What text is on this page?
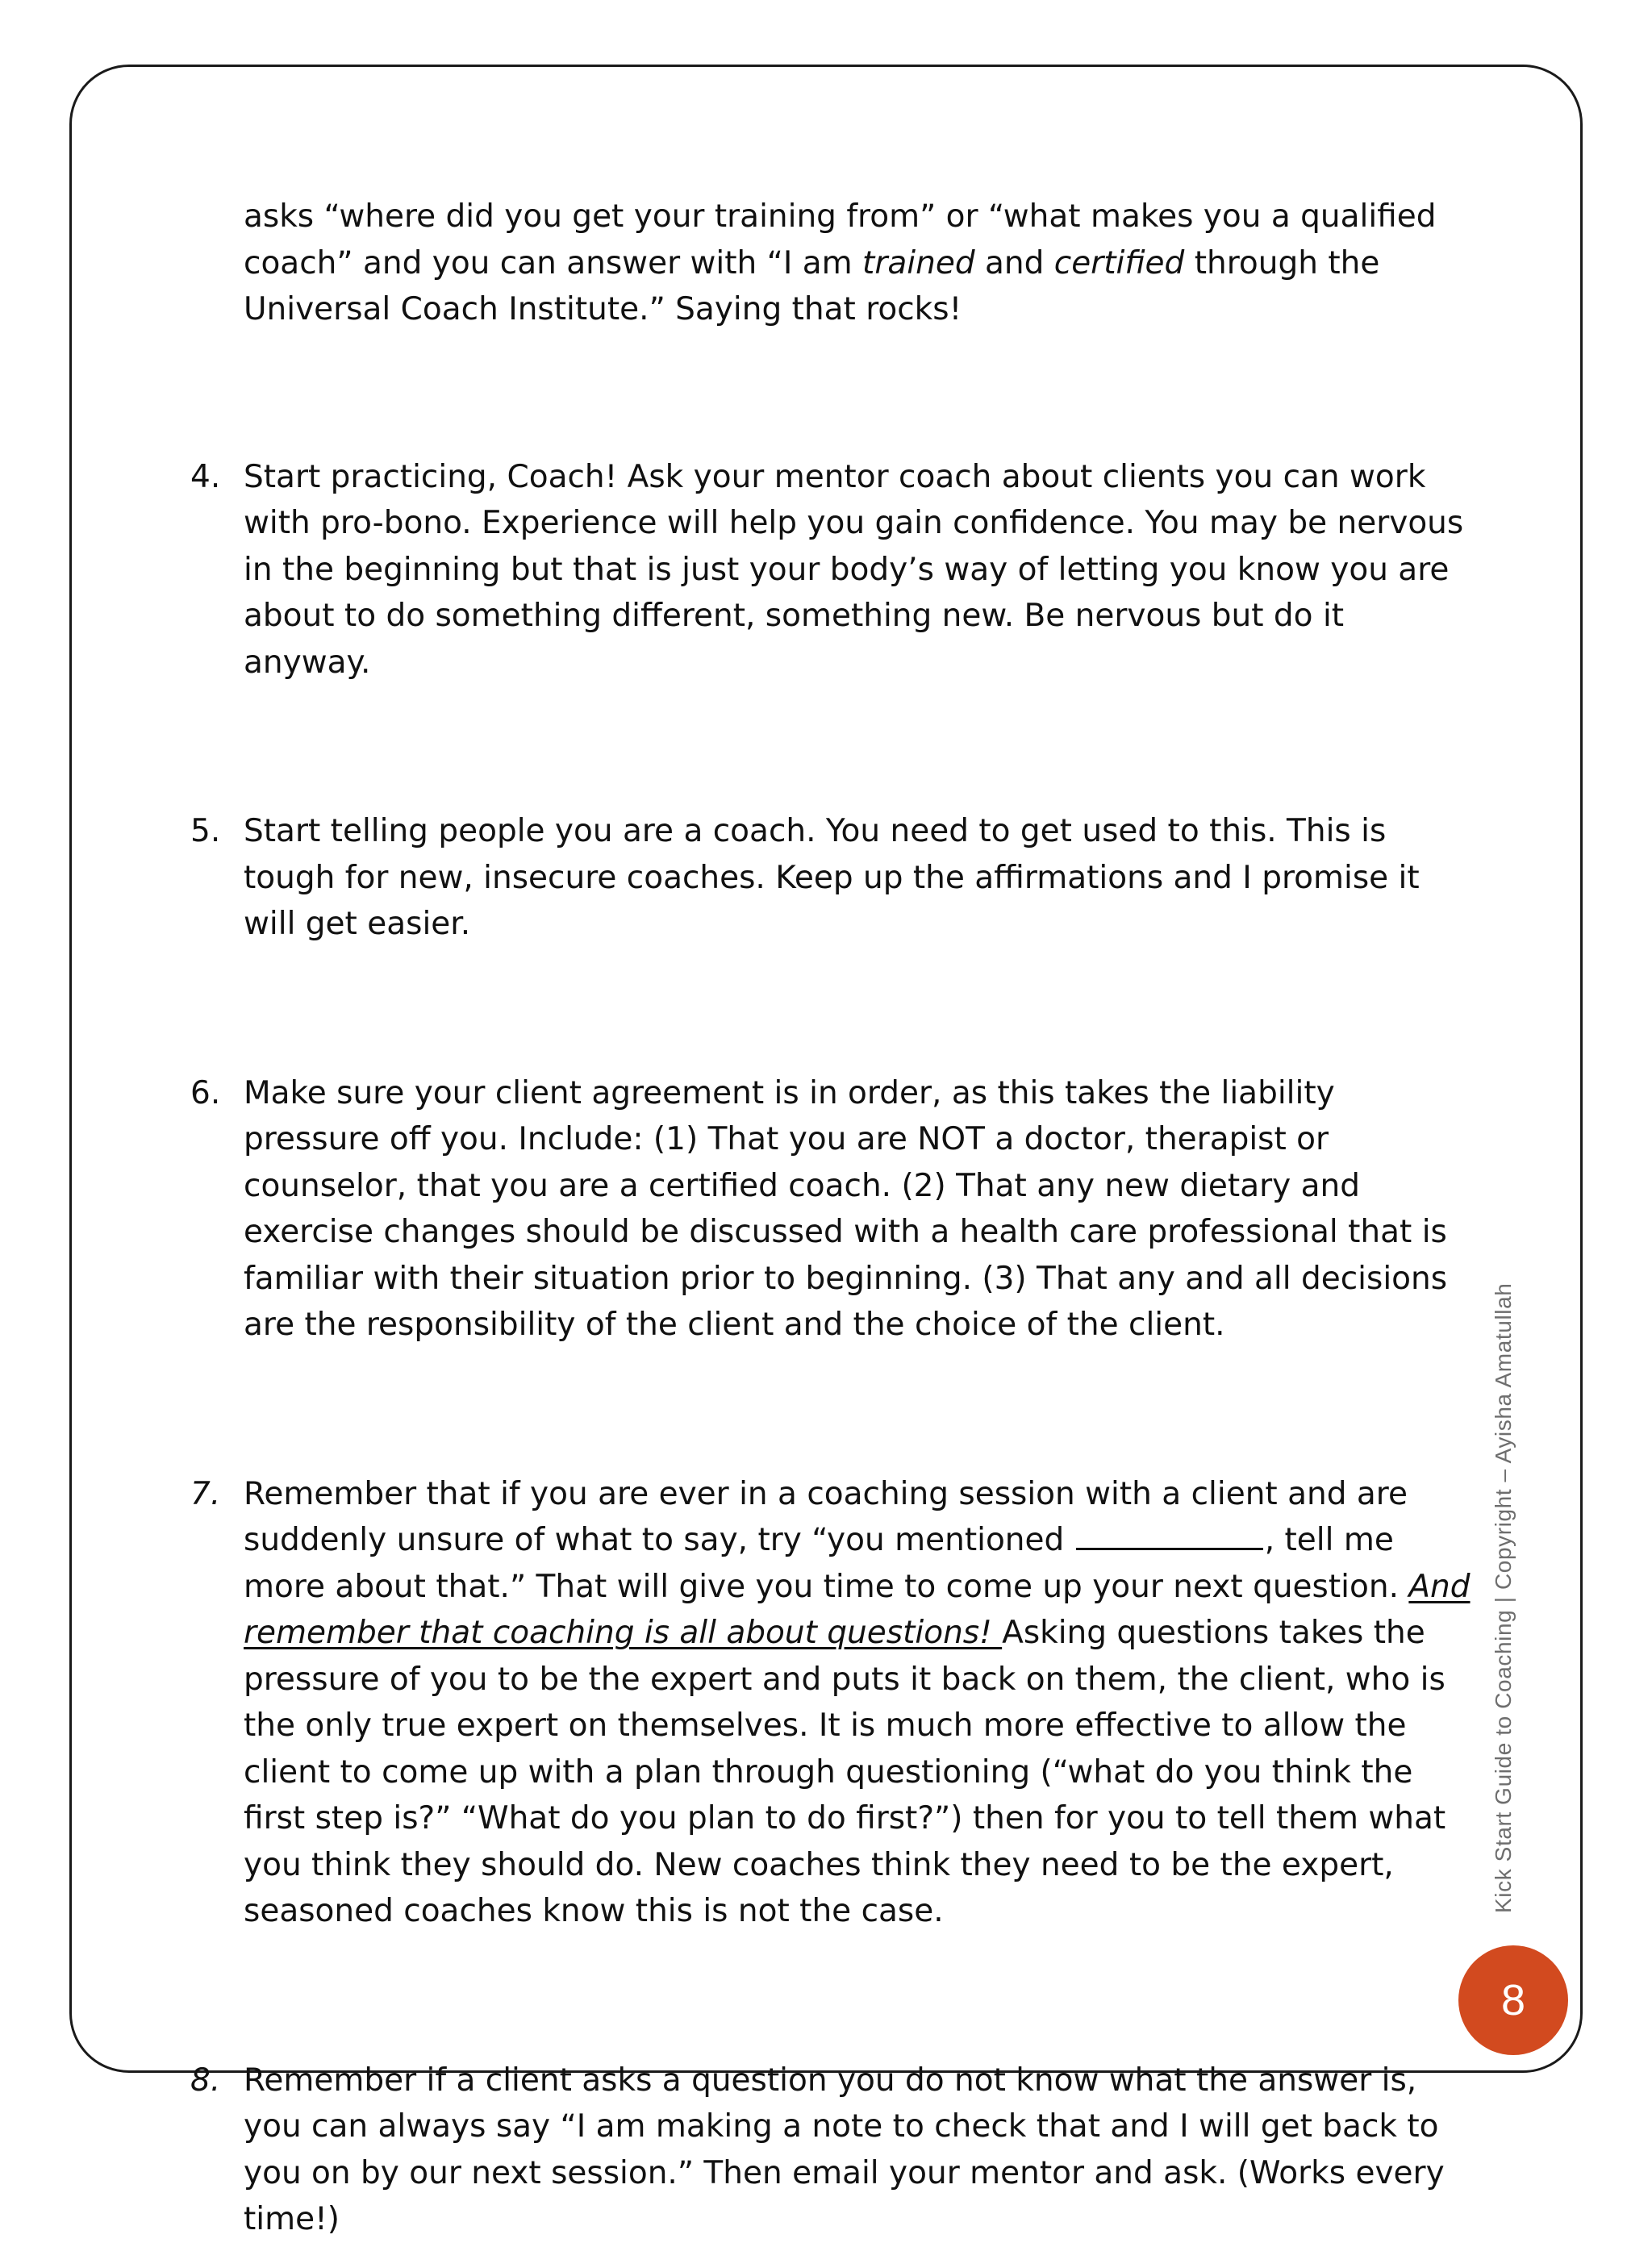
asks “where did you get your training from” or “what makes you a qualified coach” and you can answer with “I am trained and certified through the Universal Coach Institute.” Saying that rocks!

4. Start practicing, Coach! Ask your mentor coach about clients you can work with pro-bono. Experience will help you gain confidence. You may be nervous in the beginning but that is just your body’s way of letting you know you are about to do something different, something new. Be nervous but do it anyway.
5. Start telling people you are a coach. You need to get used to this. This is tough for new, insecure coaches. Keep up the affirmations and I promise it will get easier.
6. Make sure your client agreement is in order, as this takes the liability pressure off you. Include: (1) That you are NOT a doctor, therapist or counselor, that you are a certified coach. (2) That any new dietary and exercise changes should be discussed with a health care professional that is familiar with their situation prior to beginning. (3) That any and all decisions are the responsibility of the client and the choice of the client.
7. Remember that if you are ever in a coaching session with a client and are suddenly unsure of what to say, try “you mentioned	, tell me more about that.” That will give you time to come up your next question. And remember that coaching is all about questions! Asking questions takes the pressure of you to be the expert and puts it back on them, the client, who is the only true expert on themselves. It is much more effective to allow the client to come up with a plan through questioning (“what do you think the first step is?” “What do you plan to do first?”) then for you to tell them what you think they should do. New coaches think they need to be the expert, seasoned coaches know this is not the case.
8. Remember if a client asks a question you do not know what the answer is, you can always say “I am making a note to check that and I will get back to you on by our next session.” Then email your mentor and ask. (Works every time!)
Kick Start Guide to Coaching | Copyright – Ayisha Amatullah
8
